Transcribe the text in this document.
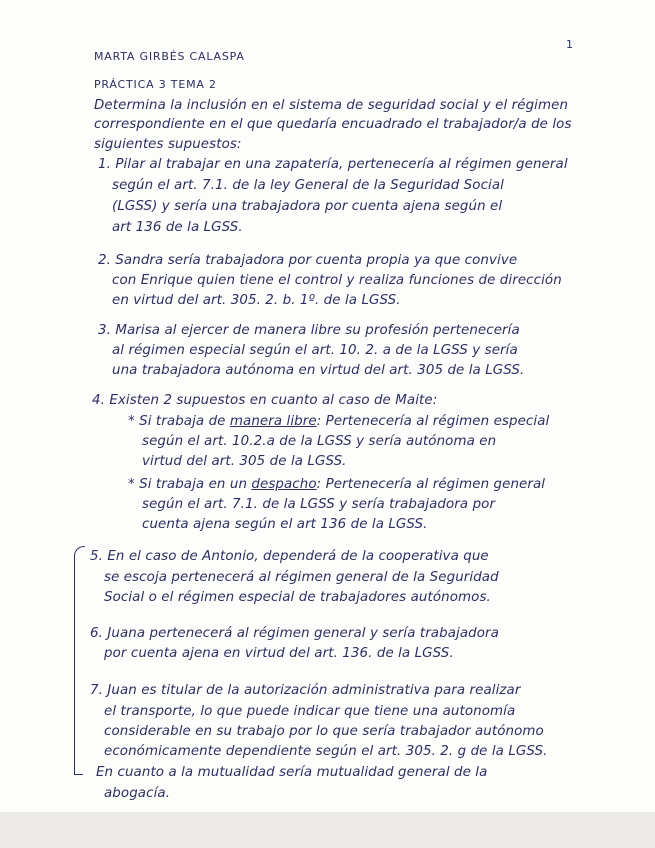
MARTA GIRBÉS CALASPA
1
PRÁCTICA 3 TEMA 2
Determina la inclusión en el sistema de seguridad social y el régimen
correspondiente en el que quedaría encuadrado el trabajador/a de los
siguientes supuestos:
1. Pilar al trabajar en una zapatería, pertenecería al régimen general
según el art. 7.1. de la ley General de la Seguridad Social
(LGSS) y sería una trabajadora por cuenta ajena según el
art 136 de la LGSS.
2. Sandra sería trabajadora por cuenta propia ya que convive
con Enrique quien tiene el control y realiza funciones de dirección
en virtud del art. 305. 2. b. 1º. de la LGSS.
3. Marisa al ejercer de manera libre su profesión pertenecería
al régimen especial según el art. 10. 2. a de la LGSS y sería
una trabajadora autónoma en virtud del art. 305 de la LGSS.
4. Existen 2 supuestos en cuanto al caso de Maite:
* Si trabaja de manera libre: Pertenecería al régimen especial
según el art. 10.2.a de la LGSS y sería autónoma en
virtud del art. 305 de la LGSS.
* Si trabaja en un despacho: Pertenecería al régimen general
según el art. 7.1. de la LGSS y sería trabajadora por
cuenta ajena según el art 136 de la LGSS.
5. En el caso de Antonio, dependerá de la cooperativa que
se escoja pertenecerá al régimen general de la Seguridad
Social o el régimen especial de trabajadores autónomos.
6. Juana pertenecerá al régimen general y sería trabajadora
por cuenta ajena en virtud del art. 136. de la LGSS.
7. Juan es titular de la autorización administrativa para realizar
el transporte, lo que puede indicar que tiene una autonomía
considerable en su trabajo por lo que sería trabajador autónomo
económicamente dependiente según el art. 305. 2. g de la LGSS.
En cuanto a la mutualidad sería mutualidad general de la
abogacía.
